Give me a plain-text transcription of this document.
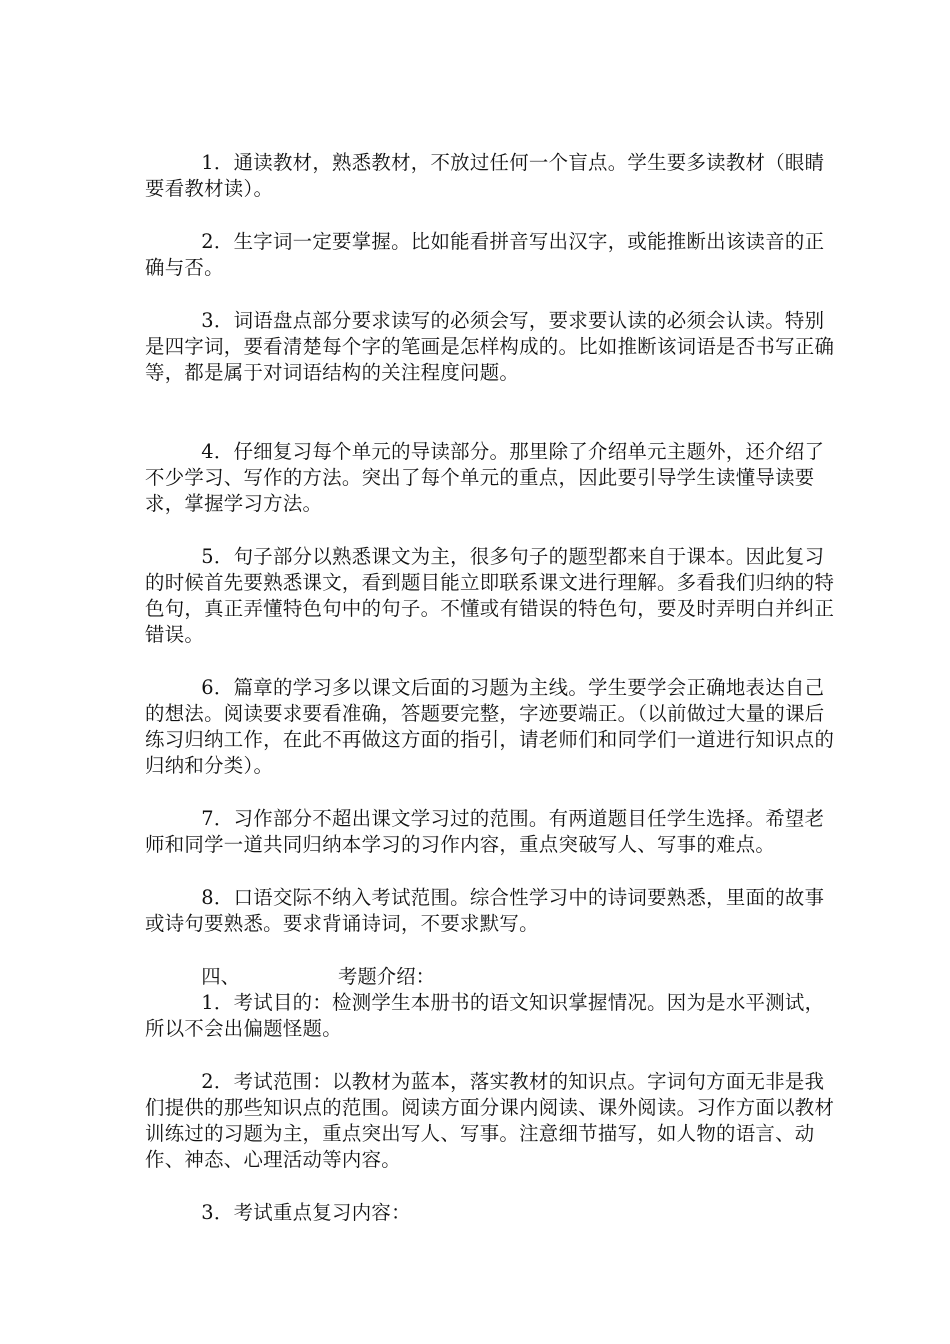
1．通读教材，熟悉教材，不放过任何一个盲点。学生要多读教材（眼睛要看教材读）。

2．生字词一定要掌握。比如能看拼音写出汉字，或能推断出该读音的正确与否。

3．词语盘点部分要求读写的必须会写，要求要认读的必须会认读。特别是四字词，要看清楚每个字的笔画是怎样构成的。比如推断该词语是否书写正确等，都是属于对词语结构的关注程度问题。

4．仔细复习每个单元的导读部分。那里除了介绍单元主题外，还介绍了不少学习、写作的方法。突出了每个单元的重点，因此要引导学生读懂导读要求，掌握学习方法。

5．句子部分以熟悉课文为主，很多句子的题型都来自于课本。因此复习的时候首先要熟悉课文，看到题目能立即联系课文进行理解。多看我们归纳的特色句，真正弄懂特色句中的句子。不懂或有错误的特色句，要及时弄明白并纠正错误。

6．篇章的学习多以课文后面的习题为主线。学生要学会正确地表达自己的想法。阅读要求要看准确，答题要完整，字迹要端正。（以前做过大量的课后练习归纳工作，在此不再做这方面的指引，请老师们和同学们一道进行知识点的归纳和分类）。

7．习作部分不超出课文学习过的范围。有两道题目任学生选择。希望老师和同学一道共同归纳本学习的习作内容，重点突破写人、写事的难点。

8．口语交际不纳入考试范围。综合性学习中的诗词要熟悉，里面的故事或诗句要熟悉。要求背诵诗词，不要求默写。

四、	考题介绍：

1．考试目的：检测学生本册书的语文知识掌握情况。因为是水平测试，所以不会出偏题怪题。

2．考试范围：以教材为蓝本，落实教材的知识点。字词句方面无非是我们提供的那些知识点的范围。阅读方面分课内阅读、课外阅读。习作方面以教材训练过的习题为主，重点突出写人、写事。注意细节描写，如人物的语言、动作、神态、心理活动等内容。

3．考试重点复习内容：
